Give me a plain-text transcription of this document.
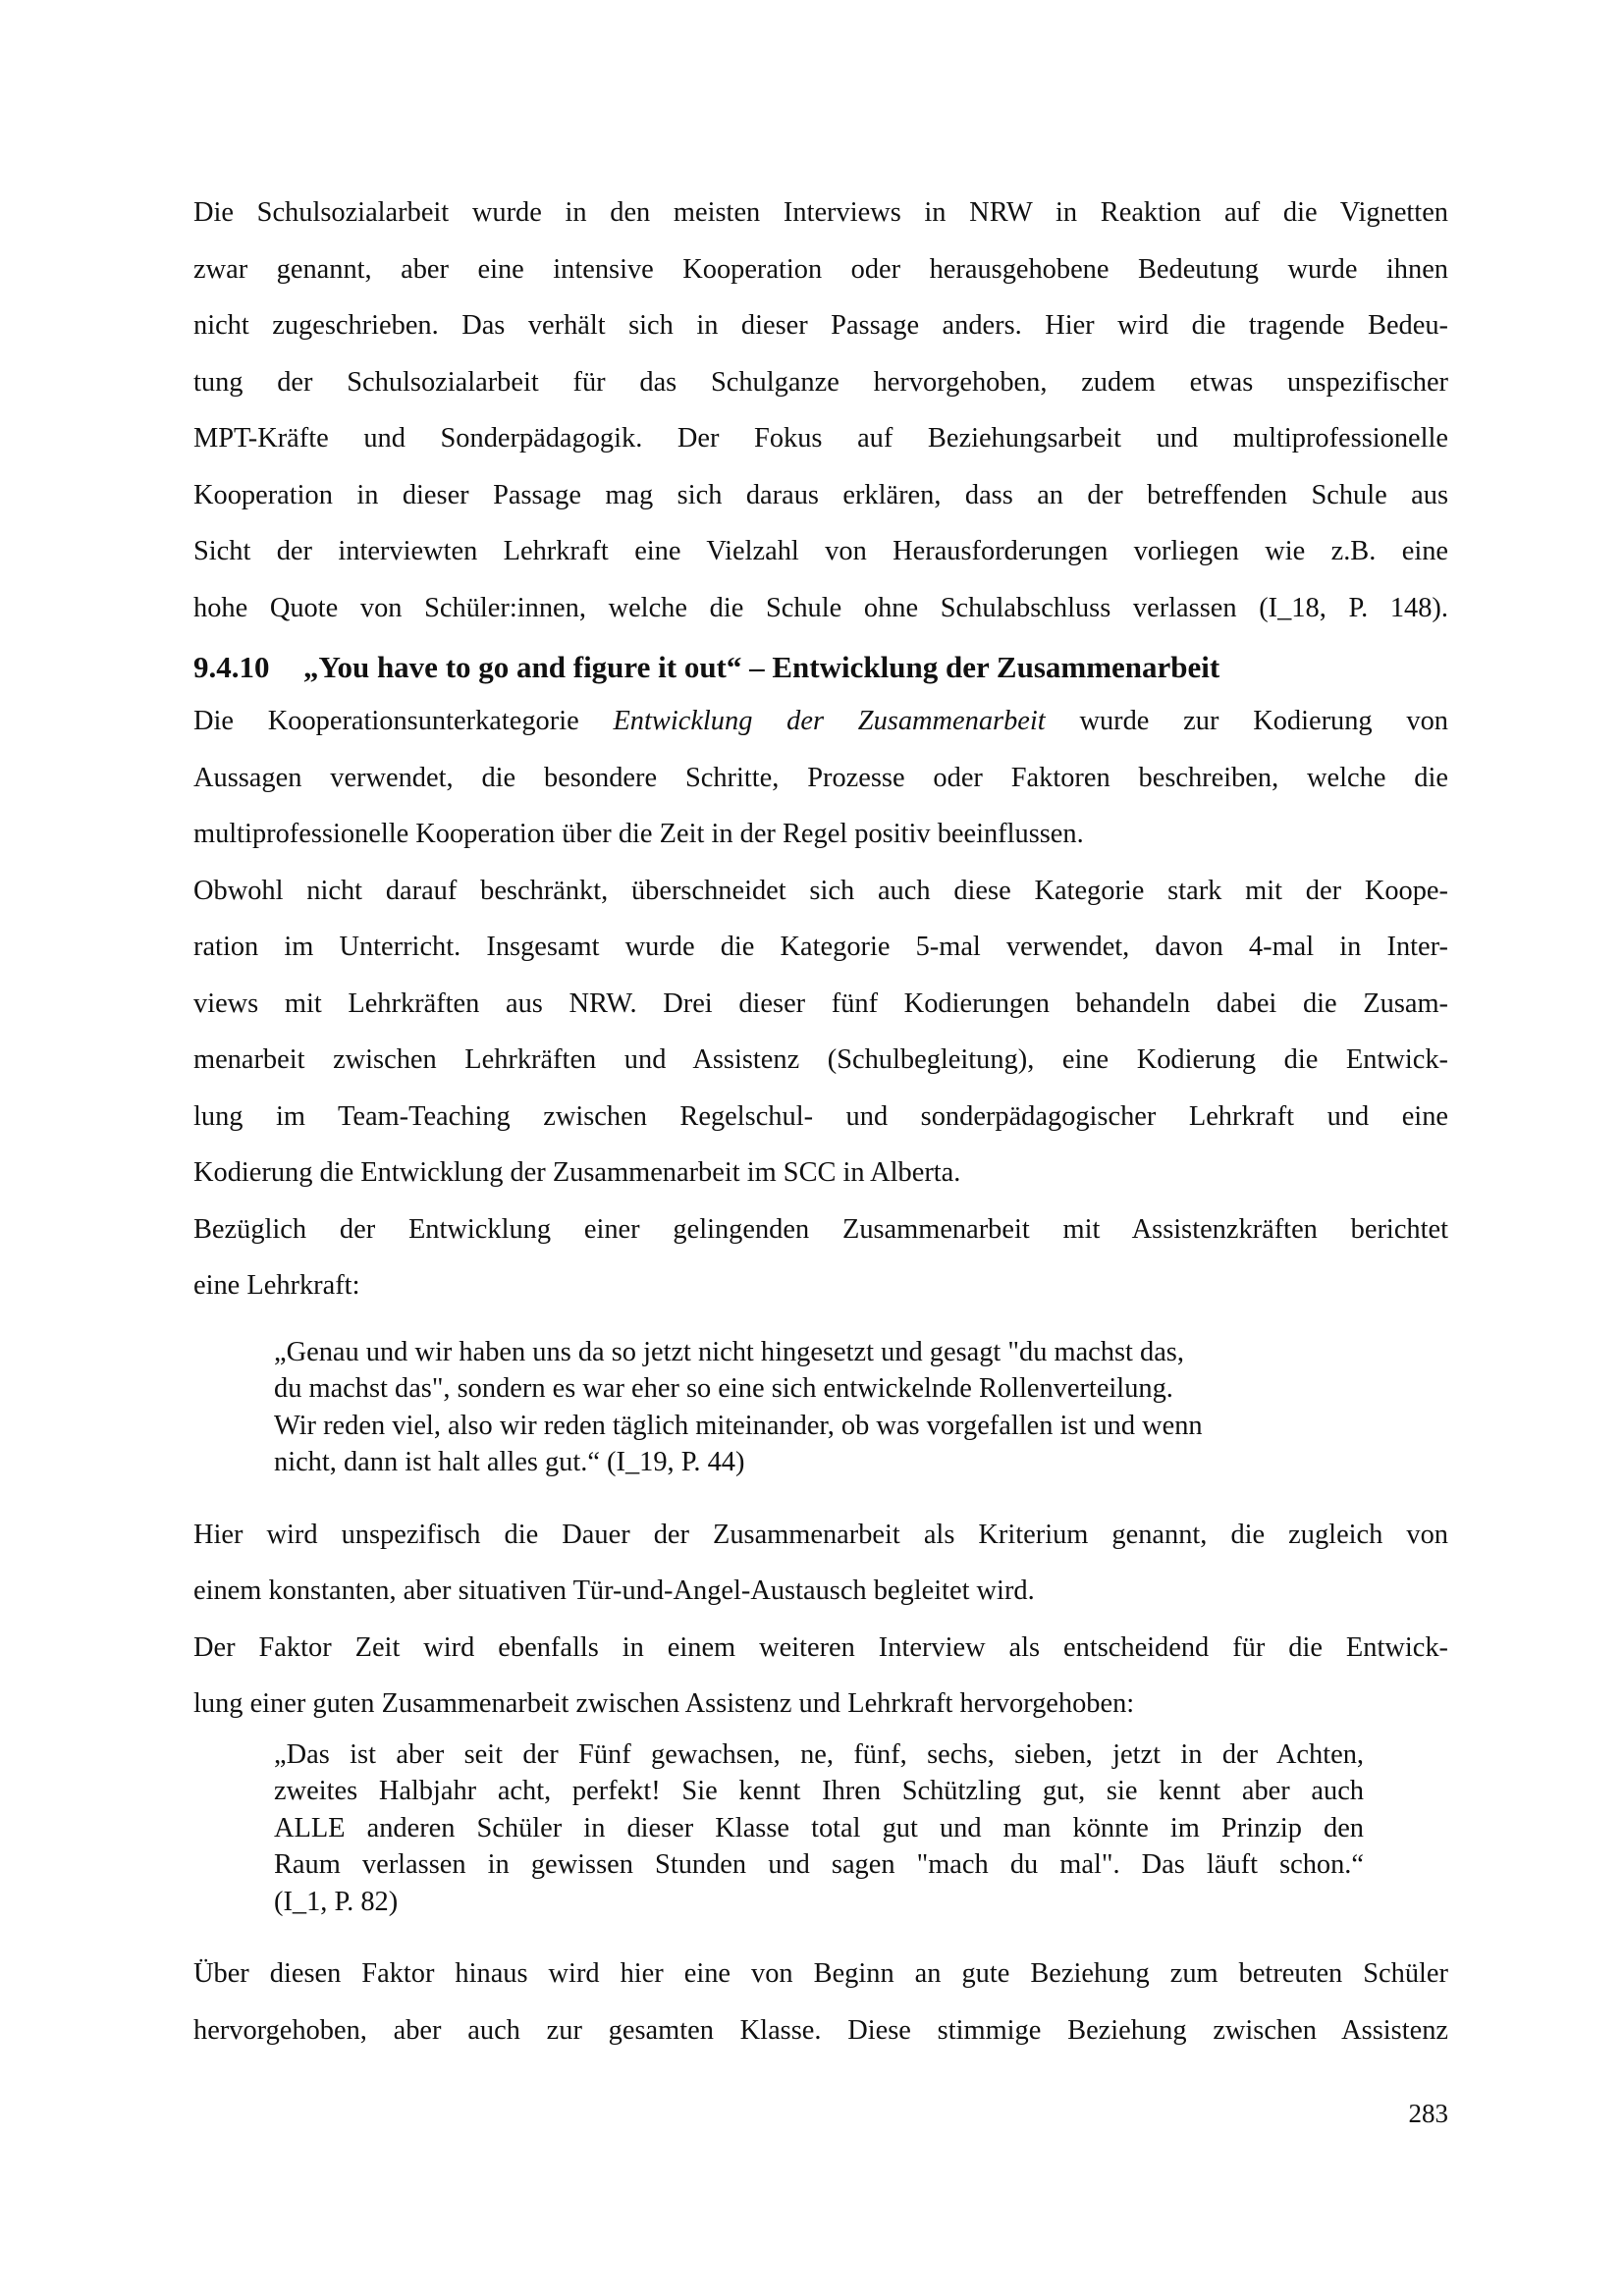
Die Schulsozialarbeit wurde in den meisten Interviews in NRW in Reaktion auf die Vignetten
zwar genannt, aber eine intensive Kooperation oder herausgehobene Bedeutung wurde ihnen
nicht zugeschrieben. Das verhält sich in dieser Passage anders. Hier wird die tragende Bedeu-
tung der Schulsozialarbeit für das Schulganze hervorgehoben, zudem etwas unspezifischer
MPT-Kräfte und Sonderpädagogik. Der Fokus auf Beziehungsarbeit und multiprofessionelle
Kooperation in dieser Passage mag sich daraus erklären, dass an der betreffenden Schule aus
Sicht der interviewten Lehrkraft eine Vielzahl von Herausforderungen vorliegen wie z.B. eine
hohe Quote von Schüler:innen, welche die Schule ohne Schulabschluss verlassen (I_18, P. 148).
9.4.10 „You have to go and figure it out“ – Entwicklung der Zusammenarbeit
Die Kooperationsunterkategorie Entwicklung der Zusammenarbeit wurde zur Kodierung von
Aussagen verwendet, die besondere Schritte, Prozesse oder Faktoren beschreiben, welche die
multiprofessionelle Kooperation über die Zeit in der Regel positiv beeinflussen.
Obwohl nicht darauf beschränkt, überschneidet sich auch diese Kategorie stark mit der Koope-
ration im Unterricht. Insgesamt wurde die Kategorie 5-mal verwendet, davon 4-mal in Inter-
views mit Lehrkräften aus NRW. Drei dieser fünf Kodierungen behandeln dabei die Zusam-
menarbeit zwischen Lehrkräften und Assistenz (Schulbegleitung), eine Kodierung die Entwick-
lung im Team-Teaching zwischen Regelschul- und sonderpädagogischer Lehrkraft und eine
Kodierung die Entwicklung der Zusammenarbeit im SCC in Alberta.
Bezüglich der Entwicklung einer gelingenden Zusammenarbeit mit Assistenzkräften berichtet
eine Lehrkraft:
„Genau und wir haben uns da so jetzt nicht hingesetzt und gesagt "du machst das,
du machst das", sondern es war eher so eine sich entwickelnde Rollenverteilung.
Wir reden viel, also wir reden täglich miteinander, ob was vorgefallen ist und wenn
nicht, dann ist halt alles gut.“ (I_19, P. 44)
Hier wird unspezifisch die Dauer der Zusammenarbeit als Kriterium genannt, die zugleich von
einem konstanten, aber situativen Tür-und-Angel-Austausch begleitet wird.
Der Faktor Zeit wird ebenfalls in einem weiteren Interview als entscheidend für die Entwick-
lung einer guten Zusammenarbeit zwischen Assistenz und Lehrkraft hervorgehoben:
„Das ist aber seit der Fünf gewachsen, ne, fünf, sechs, sieben, jetzt in der Achten,
zweites Halbjahr acht, perfekt! Sie kennt Ihren Schützling gut, sie kennt aber auch
ALLE anderen Schüler in dieser Klasse total gut und man könnte im Prinzip den
Raum verlassen in gewissen Stunden und sagen "mach du mal". Das läuft schon.“
(I_1, P. 82)
Über diesen Faktor hinaus wird hier eine von Beginn an gute Beziehung zum betreuten Schüler
hervorgehoben, aber auch zur gesamten Klasse. Diese stimmige Beziehung zwischen Assistenz
283
